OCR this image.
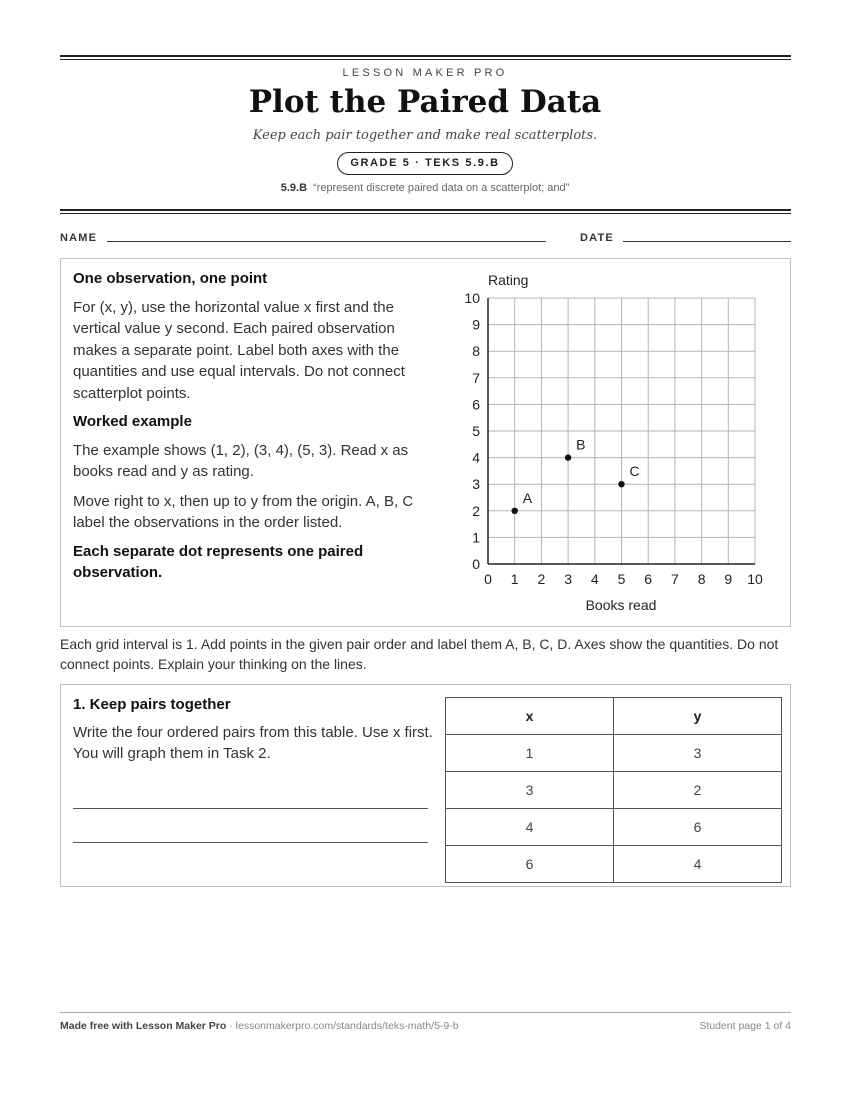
LESSON MAKER PRO
Plot the Paired Data
Keep each pair together and make real scatterplots.
GRADE 5 · TEKS 5.9.B
5.9.B “represent discrete paired data on a scatterplot; and”
NAME	DATE

One observation, one point

For (x, y), use the horizontal value x first and the vertical value y second. Each paired observation makes a separate point. Label both axes with the quantities and use equal intervals. Do not connect scatterplot points.

Worked example

The example shows (1, 2), (3, 4), (5, 3). Read x as books read and y as rating.

Move right to x, then up to y from the origin. A, B, C label the observations in the order listed.

Each separate dot represents one paired observation.

Rating
Books read
0 1 2 3 4 5 6 7 8 9 10
0
1
2
3
4
5
6
7
8
9
10
A
B
C
Each grid interval is 1. Add points in the given pair order and label them A, B, C, D. Axes show the quantities. Do not connect points. Explain your thinking on the lines.

1. Keep pairs together

Write the four ordered pairs from this table. Use x first. You will graph them in Task 2.

x	y
1	3
3	2
4	6
6	4
Made free with Lesson Maker Pro · lessonmakerpro.com/standards/teks-math/5-9-b	Student page 1 of 4
